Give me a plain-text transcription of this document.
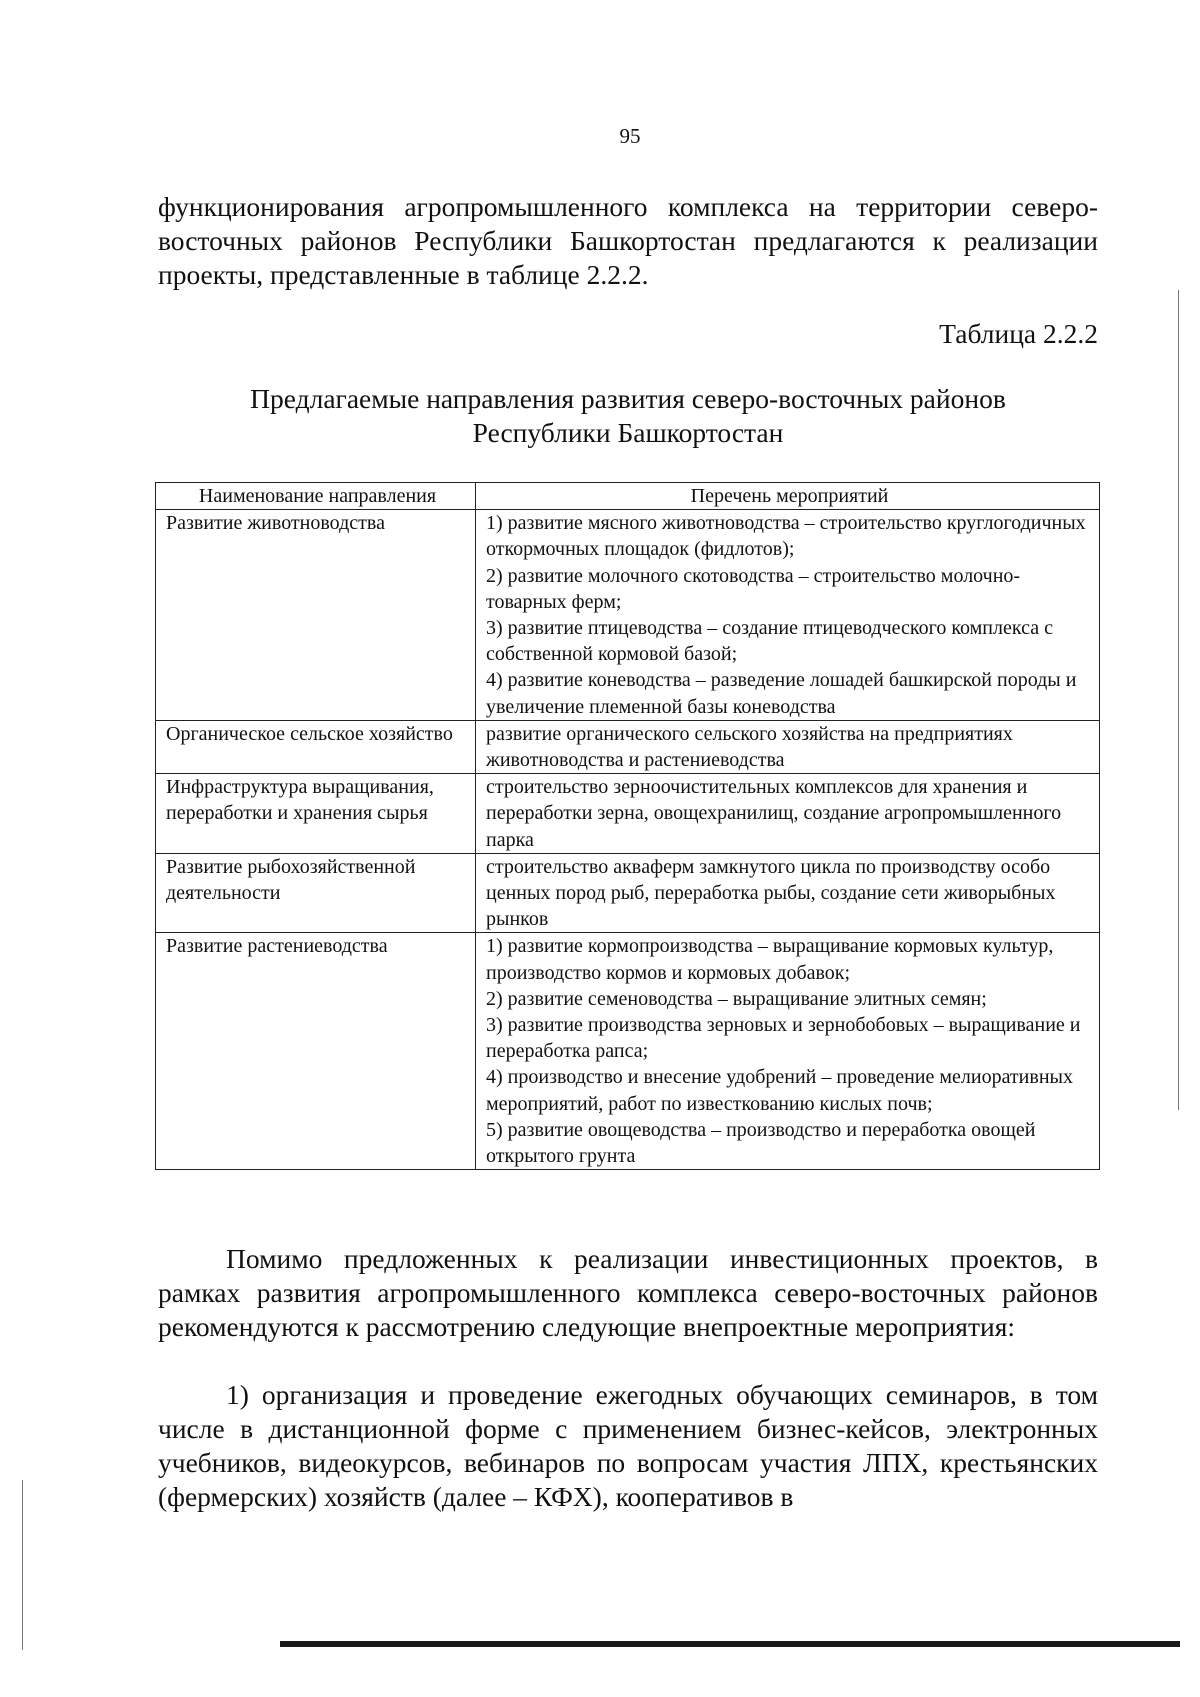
95
функционирования агропромышленного комплекса на территории северо-восточных районов Республики Башкортостан предлагаются к реализации проекты, представленные в таблице 2.2.2.
Таблица 2.2.2
Предлагаемые направления развития северо-восточных районов
Республики Башкортостан
Наименование направления	Перечень мероприятий
Развитие животноводства	1) развитие мясного животноводства – строительство круглогодичных откормочных площадок (фидлотов);
2) развитие молочного скотоводства – строительство молочно-товарных ферм;
3) развитие птицеводства – создание птицеводческого комплекса с собственной кормовой базой;
4) развитие коневодства – разведение лошадей башкирской породы и увеличение племенной базы коневодства

Органическое сельское хозяйство	развитие органического сельского хозяйства на предприятиях животноводства и растениеводства

Инфраструктура выращивания, переработки и хранения сырья	строительство зерноочистительных комплексов для хранения и переработки зерна, овощехранилищ, создание агропромышленного парка

Развитие рыбохозяйственной деятельности	строительство аквaферм замкнутого цикла по производству особо ценных пород рыб, переработка рыбы, создание сети живорыбных рынков

Развитие растениеводства	1) развитие кормопроизводства – выращивание кормовых культур, производство кормов и кормовых добавок;
2) развитие семеноводства – выращивание элитных семян;
3) развитие производства зерновых и зернобобовых – выращивание и переработка рапса;
4) производство и внесение удобрений – проведение мелиоративных мероприятий, работ по известкованию кислых почв;
5) развитие овощеводства – производство и переработка овощей открытого грунта
Помимо предложенных к реализации инвестиционных проектов, в рамках развития агропромышленного комплекса северо-восточных районов рекомендуются к рассмотрению следующие внепроектные мероприятия:
1) организация и проведение ежегодных обучающих семинаров, в том числе в дистанционной форме с применением бизнес-кейсов, электронных учебников, видеокурсов, вебинаров по вопросам участия ЛПХ, крестьянских (фермерских) хозяйств (далее – КФХ), кооперативов в
